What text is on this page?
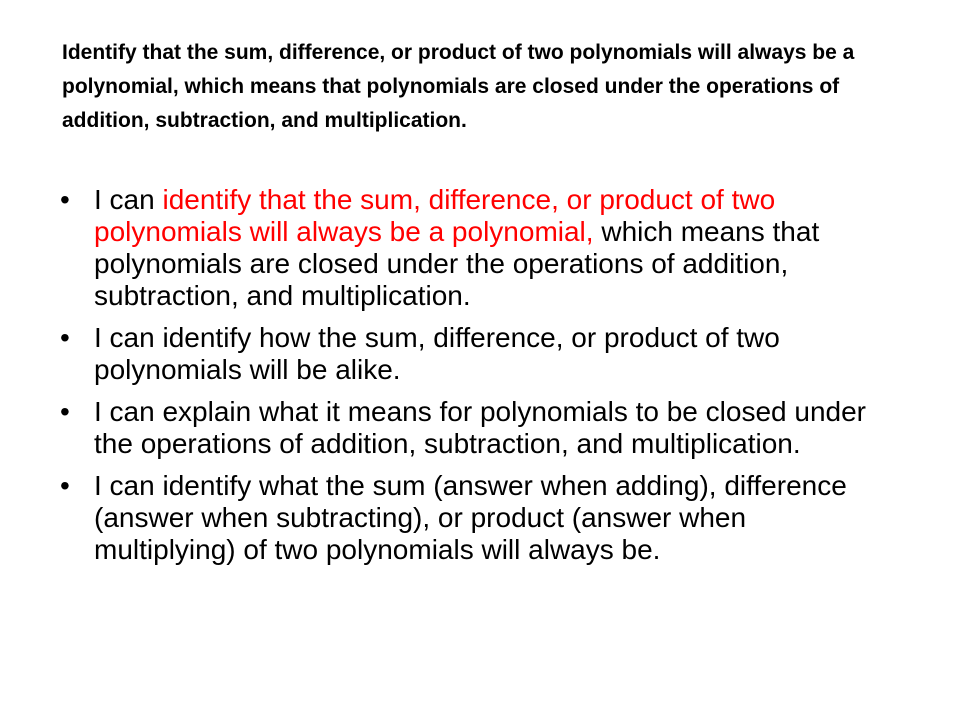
Identify that the sum, difference, or product of two polynomials will always be a polynomial, which means that polynomials are closed under the operations of addition, subtraction, and multiplication.

• I can identify that the sum, difference, or product of two polynomials will always be a polynomial, which means that polynomials are closed under the operations of addition, subtraction, and multiplication.
• I can identify how the sum, difference, or product of two polynomials will be alike.
• I can explain what it means for polynomials to be closed under the operations of addition, subtraction, and multiplication.
• I can identify what the sum (answer when adding), difference (answer when subtracting), or product (answer when multiplying) of two polynomials will always be.
